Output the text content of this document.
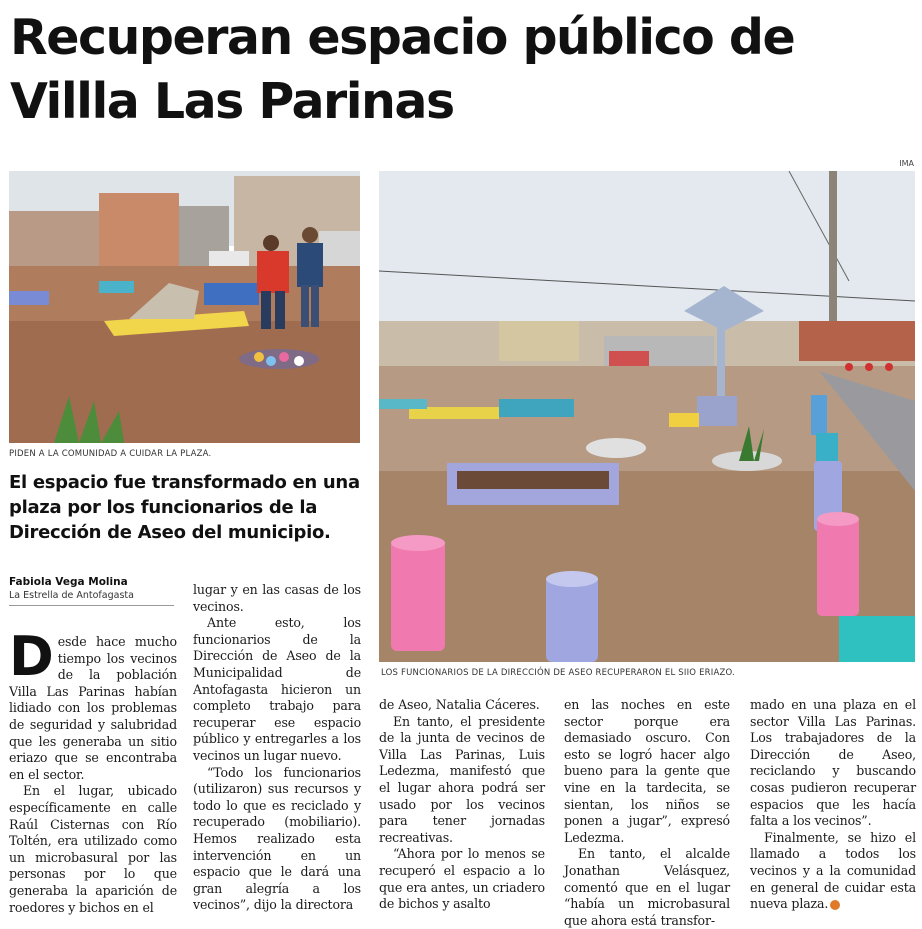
Recuperan espacio público de Villla Las Parinas
IMA
PIDEN A LA COMUNIDAD A CUIDAR LA PLAZA.
LOS FUNCIONARIOS DE LA DIRECCIÓN DE ASEO RECUPERARON EL SIIO ERIAZO.
El espacio fue transformado en una plaza por los funcionarios de la Dirección de Aseo del municipio.
Fabiola Vega Molina
La Estrella de Antofagasta

Desde hace mucho tiempo los vecinos de la población Villa Las Parinas habían lidiado con los problemas de seguridad y salubridad que les generaba un sitio eriazo que se encontraba en el sector.

En el lugar, ubicado específicamente en calle Raúl Cisternas con Río Toltén, era utilizado como un microbasural por las personas por lo que generaba la aparición de roedores y bichos en el

lugar y en las casas de los vecinos.

Ante esto, los funcionarios de la Dirección de Aseo de la Municipalidad de Antofagasta hicieron un completo trabajo para recuperar ese espacio público y entregarles a los vecinos un lugar nuevo.

“Todo los funcionarios (utilizaron) sus recursos y todo lo que es reciclado y recuperado (mobiliario). Hemos realizado esta intervención en un espacio que le dará una gran alegría a los vecinos”, dijo la directora

de Aseo, Natalia Cáceres.

En tanto, el presidente de la junta de vecinos de Villa Las Parinas, Luis Ledezma, manifestó que el lugar ahora podrá ser usado por los vecinos para tener jornadas recreativas.

“Ahora por lo menos se recuperó el espacio a lo que era antes, un criadero de bichos y asalto

en las noches en este sector porque era demasiado oscuro. Con esto se logró hacer algo bueno para la gente que vine en la tardecita, se sientan, los niños se ponen a jugar”, expresó Ledezma.

En tanto, el alcalde Jonathan Velásquez, comentó que en el lugar “había un microbasural que ahora está transfor-

mado en una plaza en el sector Villa Las Parinas. Los trabajadores de la Dirección de Aseo, reciclando y buscando cosas pudieron recuperar espacios que les hacía falta a los vecinos”.

Finalmente, se hizo el llamado a todos los vecinos y a la comunidad en general de cuidar esta nueva plaza.
